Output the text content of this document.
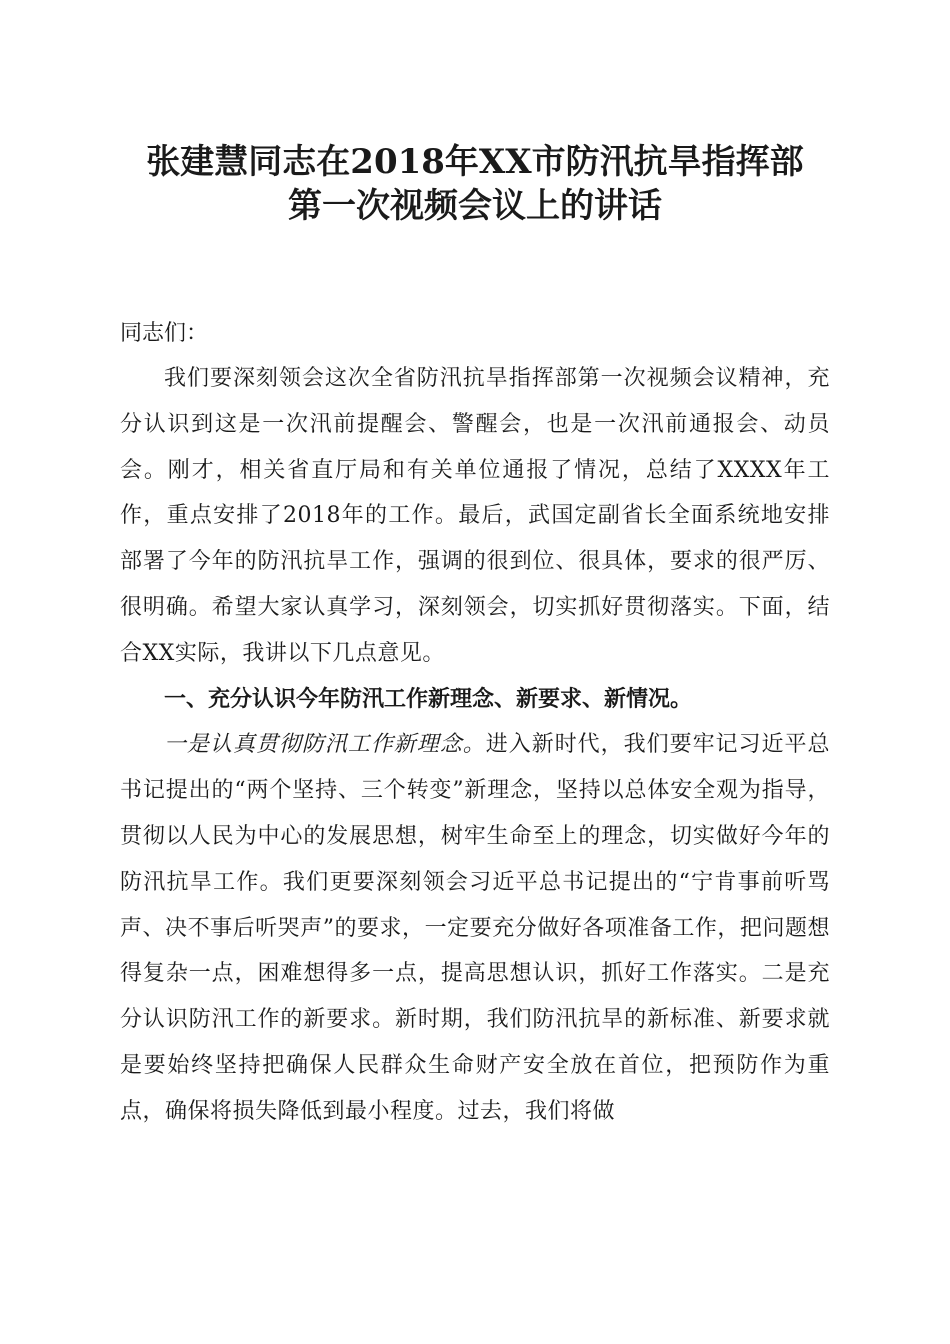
张建慧同志在2018年XX市防汛抗旱指挥部
第一次视频会议上的讲话
同志们：

我们要深刻领会这次全省防汛抗旱指挥部第一次视频会议精神，充分认识到这是一次汛前提醒会、警醒会，也是一次汛前通报会、动员会。刚才，相关省直厅局和有关单位通报了情况，总结了XXXX年工作，重点安排了2018年的工作。最后，武国定副省长全面系统地安排部署了今年的防汛抗旱工作，强调的很到位、很具体，要求的很严厉、很明确。希望大家认真学习，深刻领会，切实抓好贯彻落实。下面，结合XX实际，我讲以下几点意见。

一、充分认识今年防汛工作新理念、新要求、新情况。

一是认真贯彻防汛工作新理念。进入新时代，我们要牢记习近平总书记提出的“两个坚持、三个转变”新理念，坚持以总体安全观为指导，贯彻以人民为中心的发展思想，树牢生命至上的理念，切实做好今年的防汛抗旱工作。我们更要深刻领会习近平总书记提出的“宁肯事前听骂声、决不事后听哭声”的要求，一定要充分做好各项准备工作，把问题想得复杂一点，困难想得多一点，提高思想认识，抓好工作落实。二是充分认识防汛工作的新要求。新时期，我们防汛抗旱的新标准、新要求就是要始终坚持把确保人民群众生命财产安全放在首位，把预防作为重点，确保将损失降低到最小程度。过去，我们将做
